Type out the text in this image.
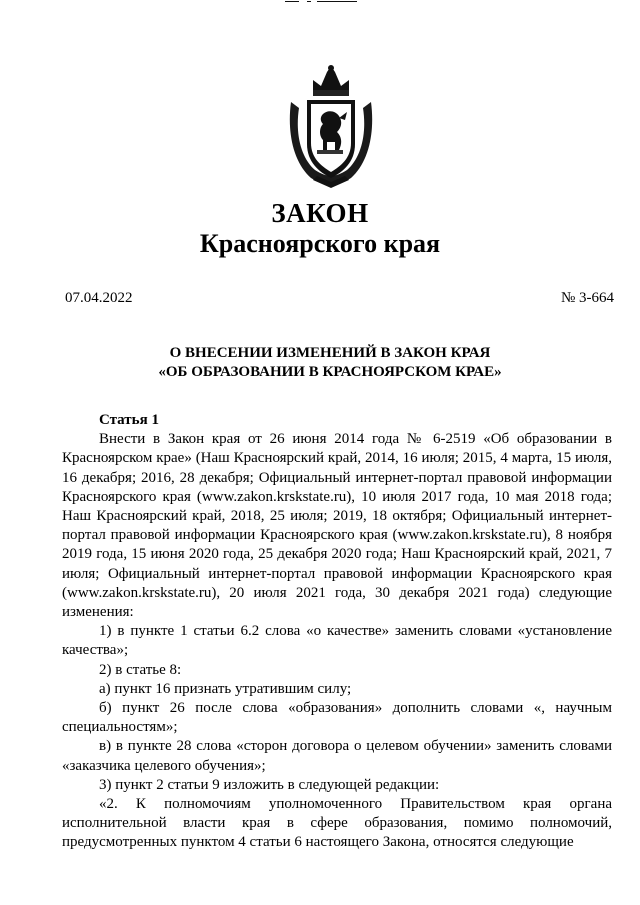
ЗАКОН
Красноярского края
07.04.2022	№ 3-664
О ВНЕСЕНИИ ИЗМЕНЕНИЙ В ЗАКОН КРАЯ
«ОБ ОБРАЗОВАНИИ В КРАСНОЯРСКОМ КРАЕ»
Статья 1

Внести в Закон края от 26 июня 2014 года № 6-2519 «Об образовании в Красноярском крае» (Наш Красноярский край, 2014, 16 июля; 2015, 4 марта, 15 июля, 16 декабря; 2016, 28 декабря; Официальный интернет-портал правовой информации Красноярского края (www.zakon.krskstate.ru), 10 июля 2017 года, 10 мая 2018 года; Наш Красноярский край, 2018, 25 июля; 2019, 18 октября; Официальный интернет-портал правовой информации Красноярского края (www.zakon.krskstate.ru), 8 ноября 2019 года, 15 июня 2020 года, 25 декабря 2020 года; Наш Красноярский край, 2021, 7 июля; Официальный интернет-портал правовой информации Красноярского края (www.zakon.krskstate.ru), 20 июля 2021 года, 30 декабря 2021 года) следующие изменения:

1) в пункте 1 статьи 6.2 слова «о качестве» заменить словами «установление качества»;

2) в статье 8:

а) пункт 16 признать утратившим силу;

б) пункт 26 после слова «образования» дополнить словами «, научным специальностям»;

в) в пункте 28 слова «сторон договора о целевом обучении» заменить словами «заказчика целевого обучения»;

3) пункт 2 статьи 9 изложить в следующей редакции:

«2. К полномочиям уполномоченного Правительством края органа исполнительной власти края в сфере образования, помимо полномочий, предусмотренных пунктом 4 статьи 6 настоящего Закона, относятся следующие
